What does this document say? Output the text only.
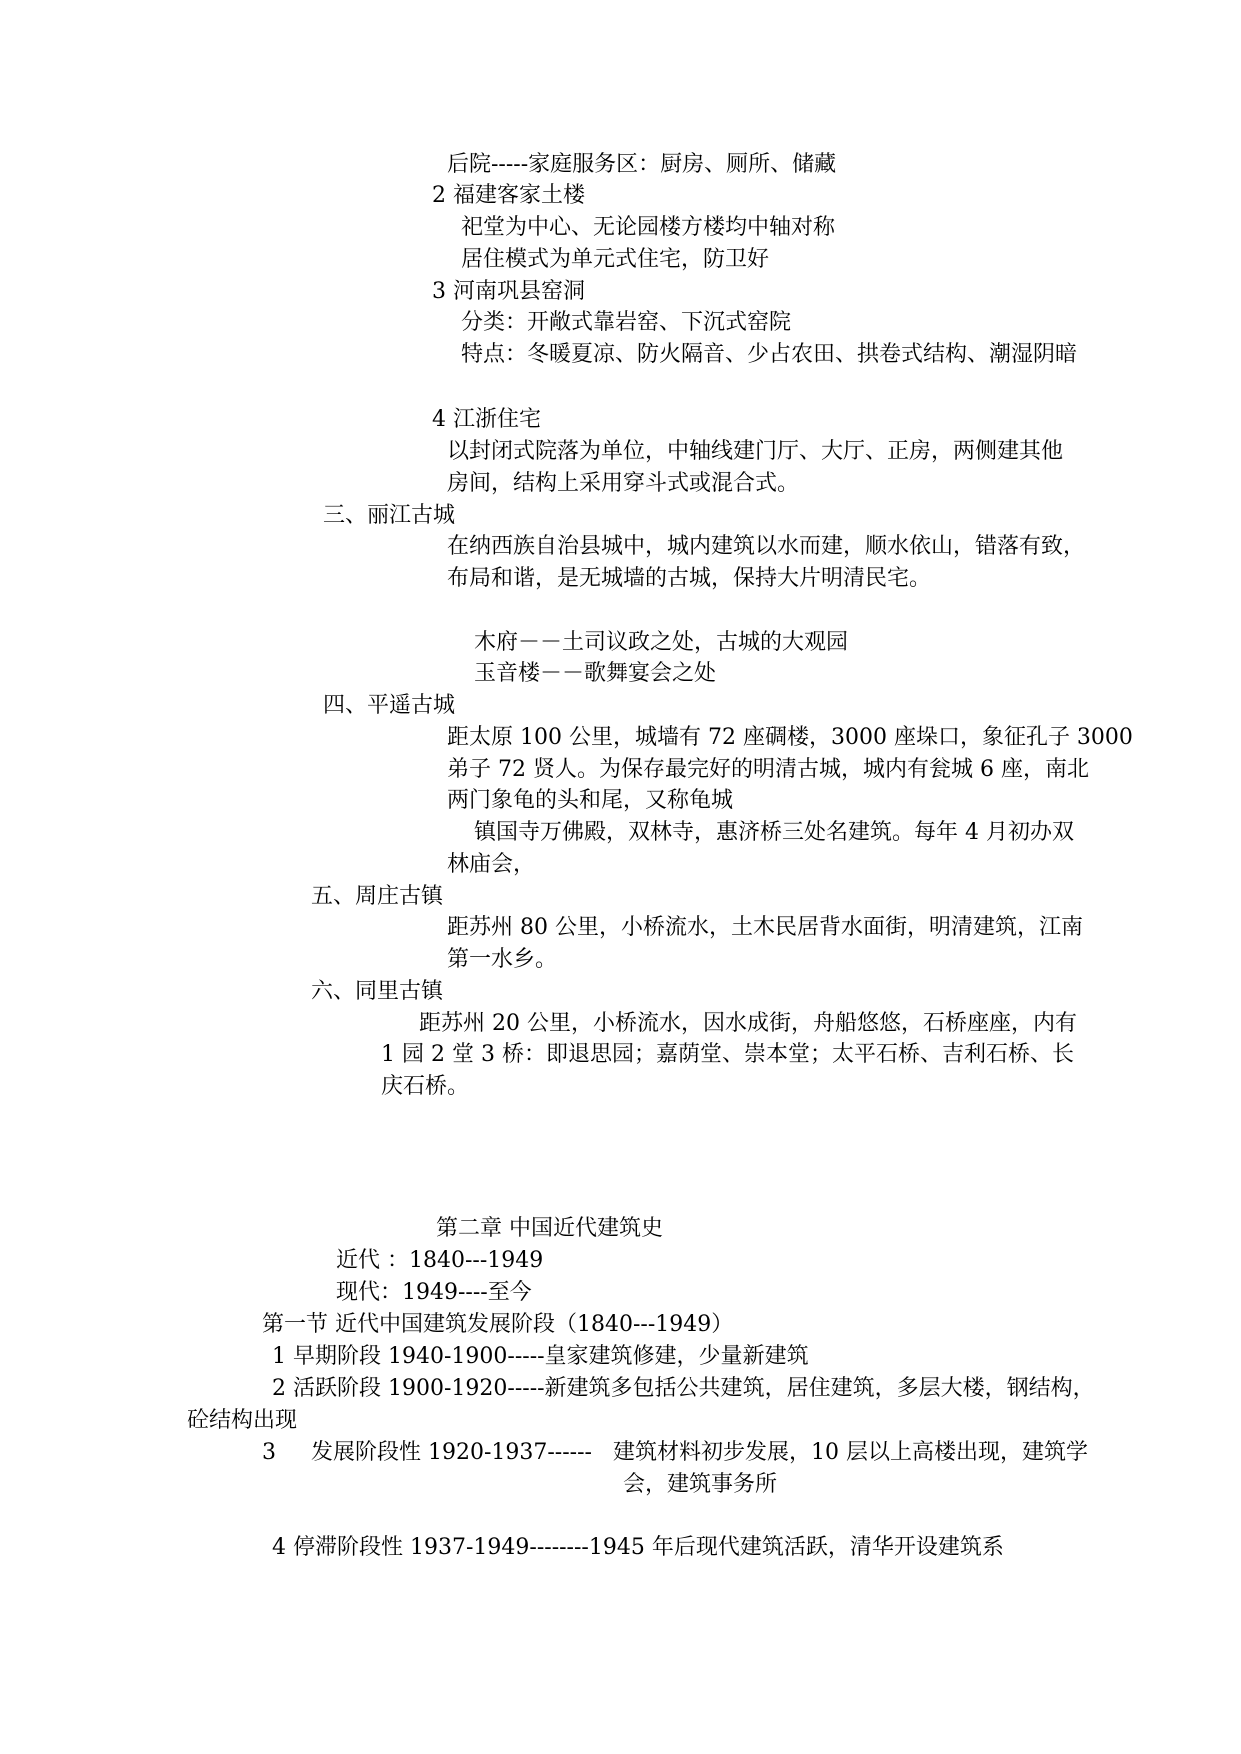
后院-----家庭服务区：厨房、厕所、储藏
2 福建客家土楼
祀堂为中心、无论园楼方楼均中轴对称
居住模式为单元式住宅，防卫好
3 河南巩县窑洞
分类：开敞式靠岩窑、下沉式窑院
特点：冬暖夏凉、防火隔音、少占农田、拱卷式结构、潮湿阴暗
4 江浙住宅
以封闭式院落为单位，中轴线建门厅、大厅、正房，两侧建其他
房间，结构上采用穿斗式或混合式。
三、丽江古城
在纳西族自治县城中，城内建筑以水而建，顺水依山，错落有致，
布局和谐，是无城墙的古城，保持大片明清民宅。
木府－－土司议政之处，古城的大观园
玉音楼－－歌舞宴会之处
四、平遥古城
距太原 100 公里，城墙有 72 座碉楼，3000 座垛口，象征孔子 3000
弟子 72 贤人。为保存最完好的明清古城，城内有瓮城 6 座，南北
两门象龟的头和尾，又称龟城
镇国寺万佛殿，双林寺，惠济桥三处名建筑。每年 4 月初办双
林庙会，
五、周庄古镇
距苏州 80 公里，小桥流水，土木民居背水面街，明清建筑，江南
第一水乡。
六、同里古镇
距苏州 20 公里，小桥流水，因水成街，舟船悠悠，石桥座座，内有
1 园 2 堂 3 桥：即退思园；嘉荫堂、崇本堂；太平石桥、吉利石桥、长
庆石桥。
第二章 中国近代建筑史
近代 ：1840---1949
现代：1949----至今
第一节 近代中国建筑发展阶段（1840---1949）
1 早期阶段 1940-1900-----皇家建筑修建，少量新建筑
2 活跃阶段 1900-1920-----新建筑多包括公共建筑，居住建筑，多层大楼，钢结构，
砼结构出现
3     发展阶段性 1920-1937------ 建筑材料初步发展，10 层以上高楼出现，建筑学
会，建筑事务所
4 停滞阶段性 1937-1949--------1945 年后现代建筑活跃，清华开设建筑系
